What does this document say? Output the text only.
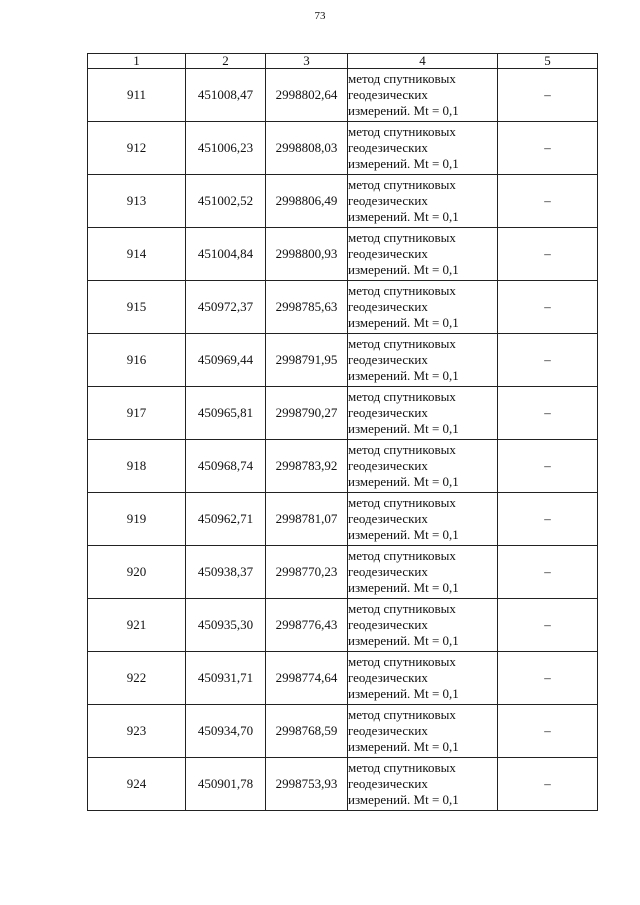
73
1	2	3	4	5
911	451008,47	2998802,64	метод спутниковых
геодезических
измерений. Mt = 0,1	–
912	451006,23	2998808,03	метод спутниковых
геодезических
измерений. Mt = 0,1	–
913	451002,52	2998806,49	метод спутниковых
геодезических
измерений. Mt = 0,1	–
914	451004,84	2998800,93	метод спутниковых
геодезических
измерений. Mt = 0,1	–
915	450972,37	2998785,63	метод спутниковых
геодезических
измерений. Mt = 0,1	–
916	450969,44	2998791,95	метод спутниковых
геодезических
измерений. Mt = 0,1	–
917	450965,81	2998790,27	метод спутниковых
геодезических
измерений. Mt = 0,1	–
918	450968,74	2998783,92	метод спутниковых
геодезических
измерений. Mt = 0,1	–
919	450962,71	2998781,07	метод спутниковых
геодезических
измерений. Mt = 0,1	–
920	450938,37	2998770,23	метод спутниковых
геодезических
измерений. Mt = 0,1	–
921	450935,30	2998776,43	метод спутниковых
геодезических
измерений. Mt = 0,1	–
922	450931,71	2998774,64	метод спутниковых
геодезических
измерений. Mt = 0,1	–
923	450934,70	2998768,59	метод спутниковых
геодезических
измерений. Mt = 0,1	–
924	450901,78	2998753,93	метод спутниковых
геодезических
измерений. Mt = 0,1	–
